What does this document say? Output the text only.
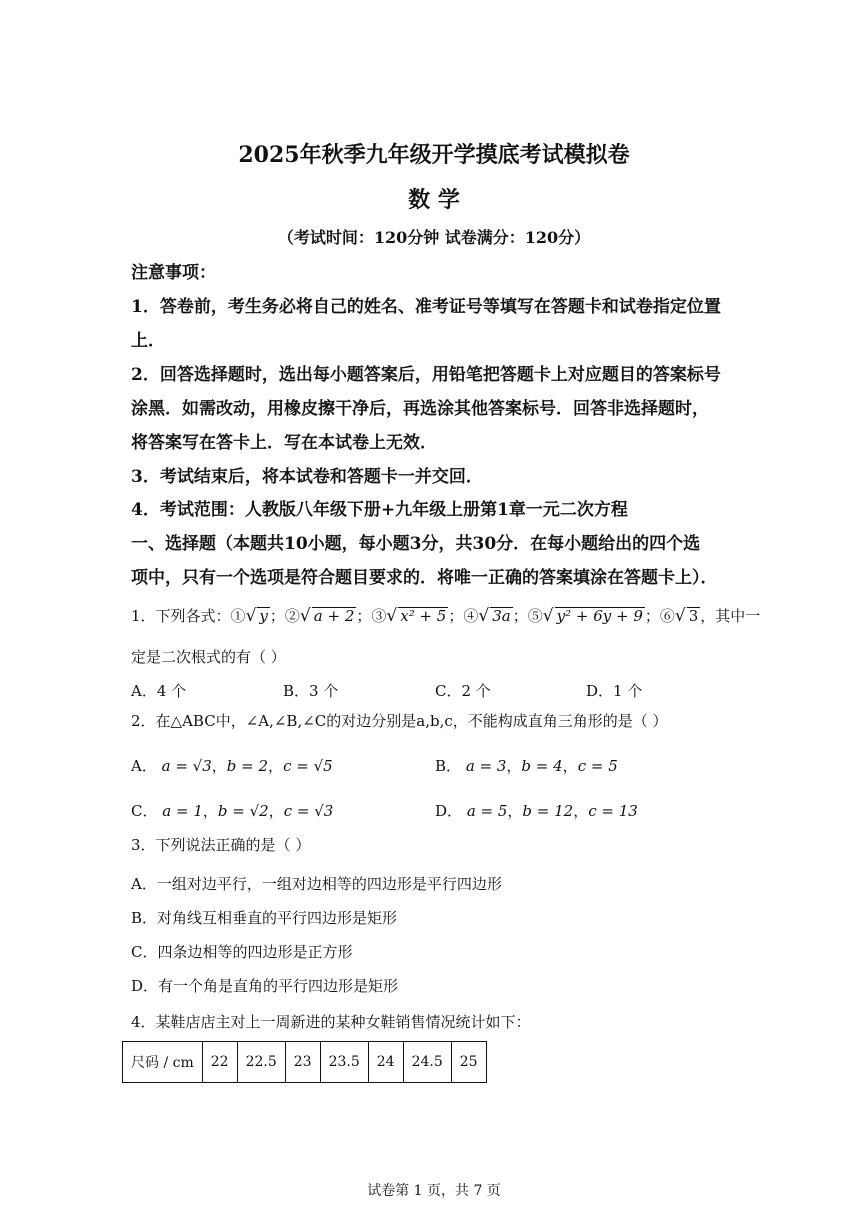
2025年秋季九年级开学摸底考试模拟卷
数 学
（考试时间：120分钟 试卷满分：120分）
注意事项：
1．答卷前，考生务必将自己的姓名、准考证号等填写在答题卡和试卷指定位置
上．
2．回答选择题时，选出每小题答案后，用铅笔把答题卡上对应题目的答案标号
涂黑．如需改动，用橡皮擦干净后，再选涂其他答案标号．回答非选择题时，
将答案写在答卡上．写在本试卷上无效．
3．考试结束后，将本试卷和答题卡一并交回．
4．考试范围：人教版八年级下册+九年级上册第1章一元二次方程
一、选择题（本题共10小题，每小题3分，共30分．在每小题给出的四个选
项中，只有一个选项是符合题目要求的．将唯一正确的答案填涂在答题卡上）．
1．下列各式：①√ y ；②√ a + 2 ；③√ x² + 5 ；④√ 3a ；⑤√ y² + 6y + 9 ；⑥√ 3 ，其中一
定是二次根式的有（ ）
A．4 个	B．3 个	C．2 个	D．1 个
2．在△ABC中，∠A,∠B,∠C的对边分别是a,b,c，不能构成直角三角形的是（ ）
A． a = √3，b = 2，c = √5	B． a = 3，b = 4，c = 5
C． a = 1，b = √2，c = √3	D． a = 5，b = 12，c = 13
3．下列说法正确的是（ ）
A．一组对边平行，一组对边相等的四边形是平行四边形
B．对角线互相垂直的平行四边形是矩形
C．四条边相等的四边形是正方形
D．有一个角是直角的平行四边形是矩形
4．某鞋店店主对上一周新进的某种女鞋销售情况统计如下：
尺码 / cm	22	22.5	23	23.5	24	24.5	25
试卷第 1 页，共 7 页
